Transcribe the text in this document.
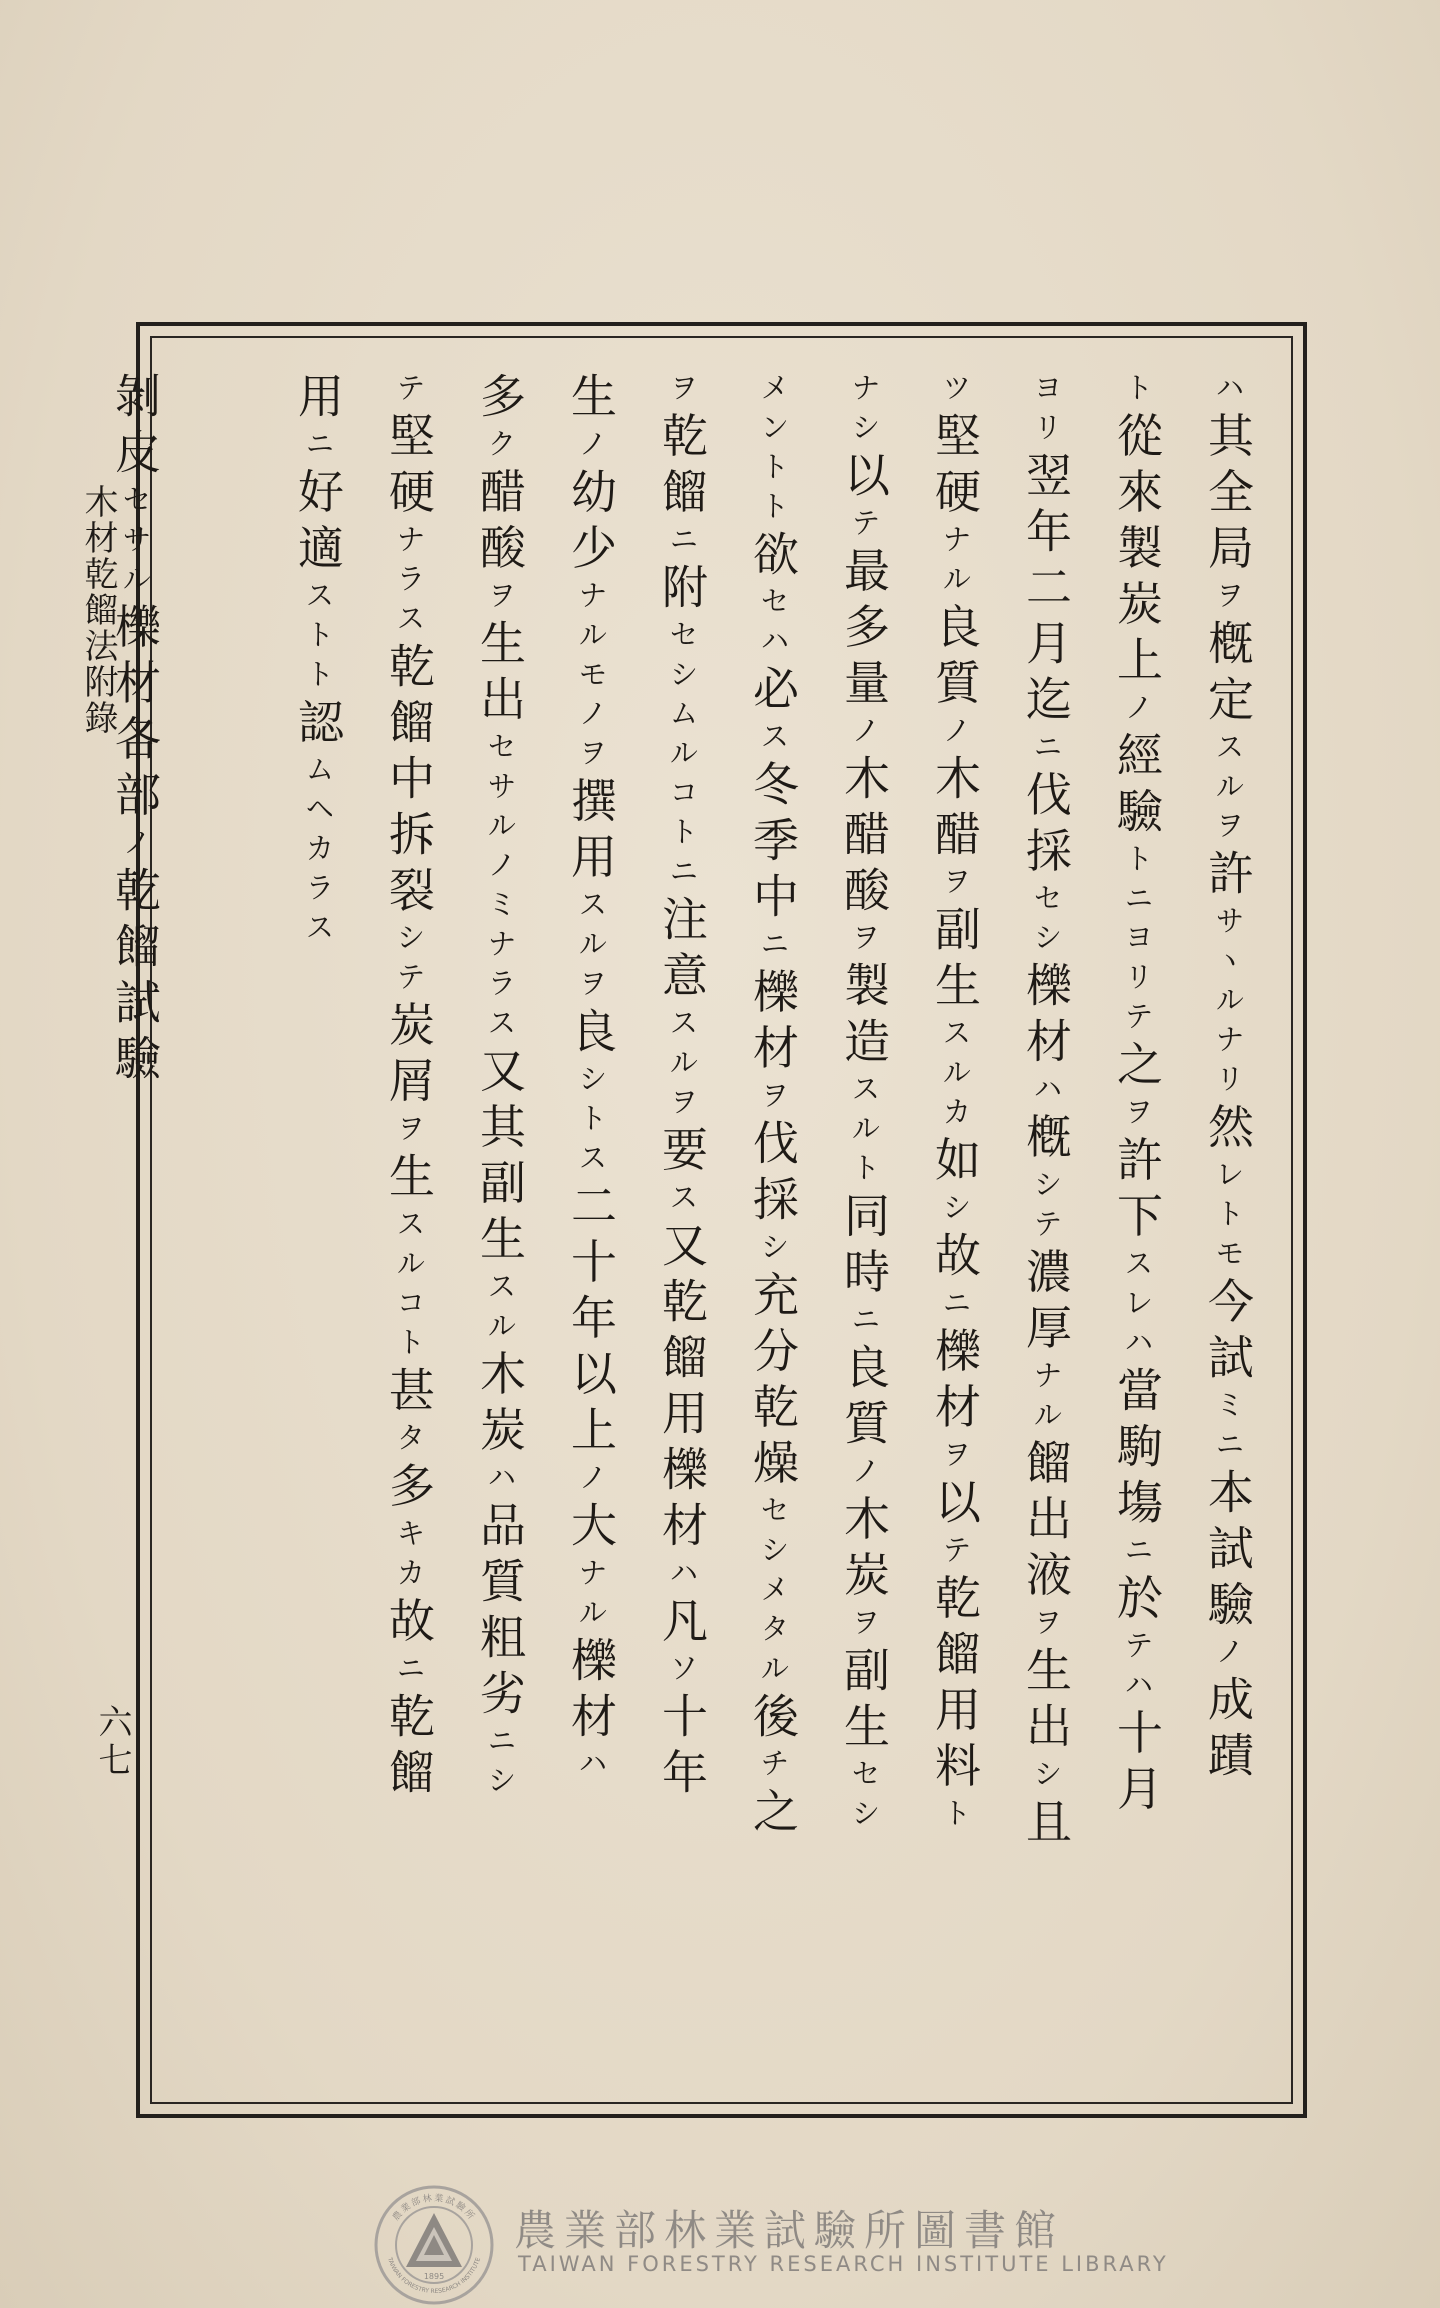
木材乾餾法附錄
六七
ハ其全局ヲ槪定スルヲ許サヽルナリ然レトモ今試ミニ本試驗ノ成蹟
ト從來製炭上ノ經驗トニヨリテ之ヲ許下スレハ當駒塲ニ於テハ十月
ヨリ翌年二月迄ニ伐採セシ櫟材ハ槪シテ濃厚ナル餾出液ヲ生出シ且
ツ堅硬ナル良質ノ木醋ヲ副生スルカ如シ故ニ櫟材ヲ以テ乾餾用料ト
ナシ以テ最多量ノ木醋酸ヲ製造スルト同時ニ良質ノ木炭ヲ副生セシ
メントト欲セハ必ス冬季中ニ櫟材ヲ伐採シ充分乾燥セシメタル後チ之
ヲ乾餾ニ附セシムルコトニ注意スルヲ要ス又乾餾用櫟材ハ凡ソ十年
生ノ幼少ナルモノヲ撰用スルヲ良シトス二十年以上ノ大ナル櫟材ハ
多ク醋酸ヲ生出セサルノミナラス又其副生スル木炭ハ品質粗劣ニシ
テ堅硬ナラス乾餾中拆裂シテ炭屑ヲ生スルコト甚タ多キカ故ニ乾餾
用ニ好適ストト認ムヘカラス
剝皮セサル櫟材各部ノ乾餾試驗
農業部林業試驗所
1895
TAIWAN FORESTRY RESEARCH INSTITUTE
農業部林業試驗所圖書館
TAIWAN FORESTRY RESEARCH INSTITUTE LIBRARY
